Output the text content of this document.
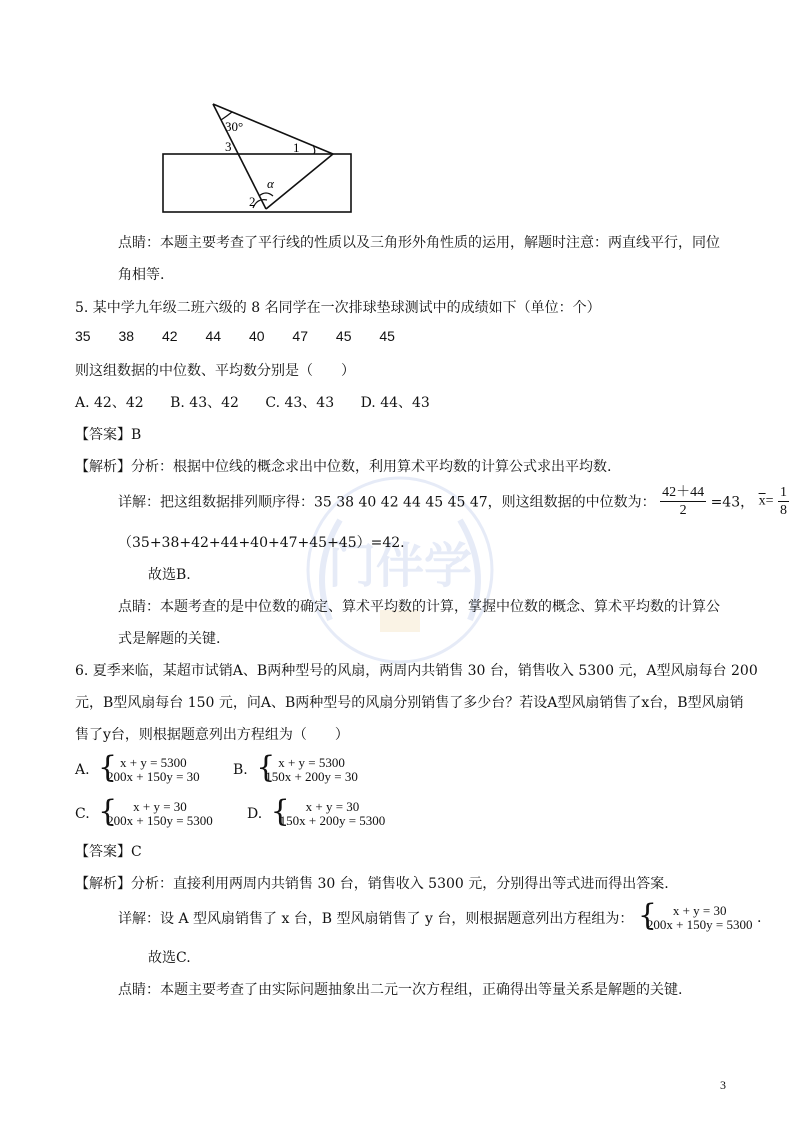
30°
3	1
α
2
门伴学
点睛：本题主要考查了平行线的性质以及三角形外角性质的运用，解题时注意：两直线平行，同位
角相等.
5. 某中学九年级二班六级的 8 名同学在一次排球垫球测试中的成绩如下（单位：个）
35 38 42 44 40 47 45 45
则这组数据的中位数、平均数分别是（　　）
A. 42、42 B. 43、42 C. 43、43 D. 44、43
【答案】B
【解析】分析：根据中位线的概念求出中位数，利用算术平均数的计算公式求出平均数.
详解：把这组数据排列顺序得：35 38 40 42 44 45 45 47，则这组数据的中位数为： $\frac{42+44}{2} =43$， $\overline{x}= \frac{1}{8}$
（35+38+42+44+40+47+45+45）=42.
故选B.
点睛：本题考查的是中位数的确定、算术平均数的计算，掌握中位数的概念、算术平均数的计算公
式是解题的关键.
6. 夏季来临，某超市试销A、B两种型号的风扇，两周内共销售 30 台，销售收入 5300 元，A型风扇每台 200
元，B型风扇每台 150 元，问A、B两种型号的风扇分别销售了多少台？若设A型风扇销售了x台，B型风扇销
售了y台，则根据题意列出方程组为（　　）
A. { x + y = 5300
200x + 150y = 30 B. { x + y = 5300
150x + 200y = 30
C. {	x + y = 30
200x + 150y = 5300 D. {	x + y = 30
150x + 200y = 5300
【答案】C
【解析】分析：直接利用两周内共销售 30 台，销售收入 5300 元，分别得出等式进而得出答案.
详解：设 A 型风扇销售了 x 台，B 型风扇销售了 y 台，则根据题意列出方程组为： {	x + y = 30
200x + 150y = 5300 .
故选C.
点睛：本题主要考查了由实际问题抽象出二元一次方程组，正确得出等量关系是解题的关键.
3
